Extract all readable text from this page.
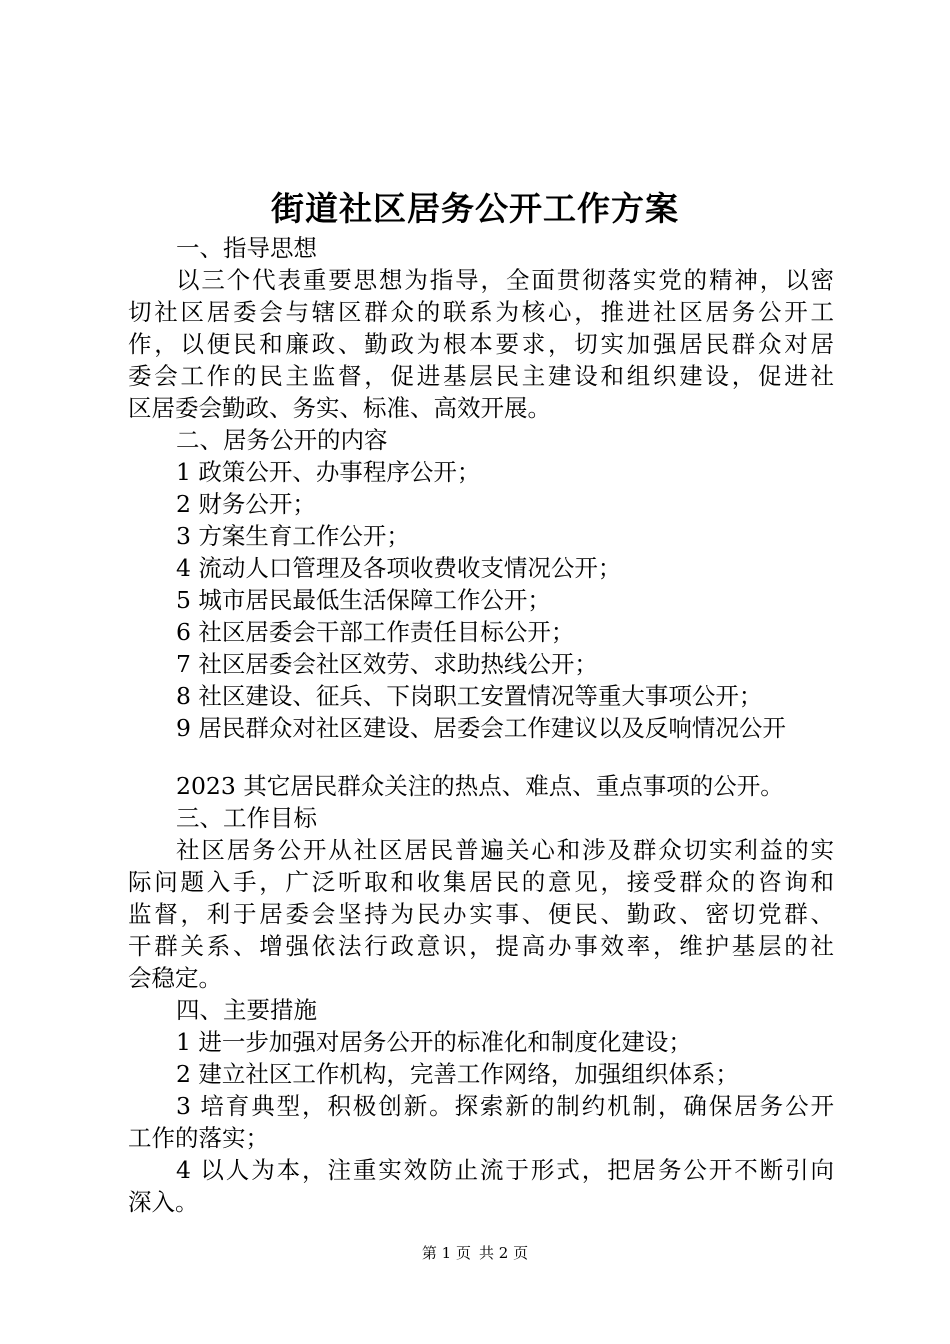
街道社区居务公开工作方案
一、指导思想
以三个代表重要思想为指导，全面贯彻落实党的精神，以密
切社区居委会与辖区群众的联系为核心，推进社区居务公开工
作，以便民和廉政、勤政为根本要求，切实加强居民群众对居
委会工作的民主监督，促进基层民主建设和组织建设，促进社
区居委会勤政、务实、标准、高效开展。
二、居务公开的内容
1 政策公开、办事程序公开；
2 财务公开；
3 方案生育工作公开；
4 流动人口管理及各项收费收支情况公开；
5 城市居民最低生活保障工作公开；
6 社区居委会干部工作责任目标公开；
7 社区居委会社区效劳、求助热线公开；
8 社区建设、征兵、下岗职工安置情况等重大事项公开；
9 居民群众对社区建设、居委会工作建议以及反响情况公开
2023 其它居民群众关注的热点、难点、重点事项的公开。
三、工作目标
社区居务公开从社区居民普遍关心和涉及群众切实利益的实
际问题入手，广泛听取和收集居民的意见，接受群众的咨询和
监督，利于居委会坚持为民办实事、便民、勤政、密切党群、
干群关系、增强依法行政意识，提高办事效率，维护基层的社
会稳定。
四、主要措施
1 进一步加强对居务公开的标准化和制度化建设；
2 建立社区工作机构，完善工作网络，加强组织体系；
3 培育典型，积极创新。探索新的制约机制，确保居务公开
工作的落实；
4 以人为本，注重实效防止流于形式，把居务公开不断引向
深入。
第 1 页 共 2 页
